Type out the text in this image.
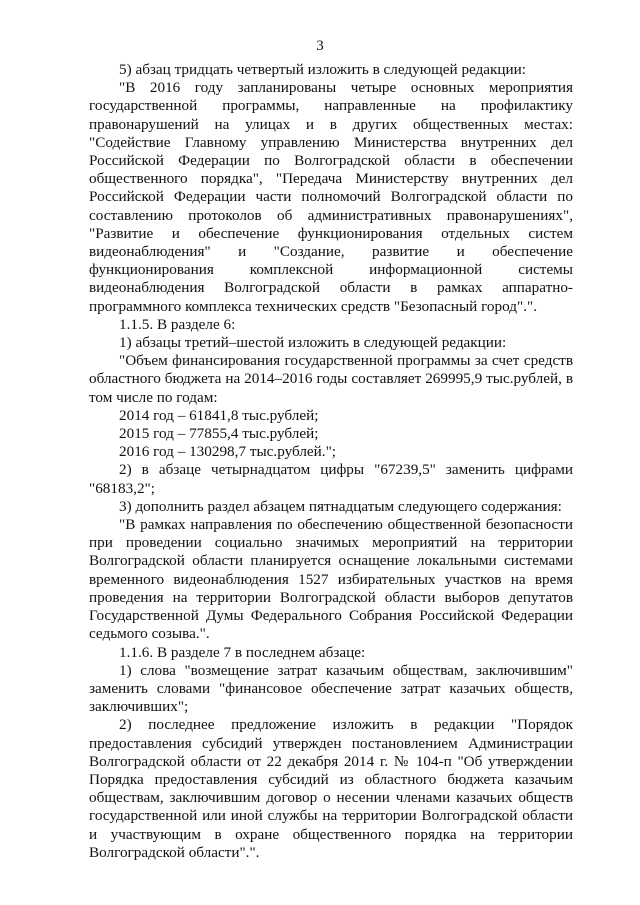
3

5) абзац тридцать четвертый изложить в следующей редакции:

"В 2016 году запланированы четыре основных мероприятия государственной программы, направленные на профилактику правонарушений на улицах и в других общественных местах: "Содействие Главному управлению Министерства внутренних дел Российской Федерации по Волгоградской области в обеспечении общественного порядка", "Передача Министерству внутренних дел Российской Федерации части полномочий Волгоградской области по составлению протоколов об административных правонарушениях", "Развитие и обеспечение функционирования отдельных систем видеонаблюдения" и "Создание, развитие и обеспечение функционирования комплексной информационной системы видеонаблюдения Волгоградской области в рамках аппаратно-программного комплекса технических средств "Безопасный город".".

1.1.5. В разделе 6:

1) абзацы третий–шестой изложить в следующей редакции:

"Объем финансирования государственной программы за счет средств областного бюджета на 2014–2016 годы составляет 269995,9 тыс.рублей, в том числе по годам:

2014 год – 61841,8 тыс.рублей;

2015 год – 77855,4 тыс.рублей;

2016 год – 130298,7 тыс.рублей.";

2) в абзаце четырнадцатом цифры "67239,5" заменить цифрами "68183,2";

3) дополнить раздел абзацем пятнадцатым следующего содержания:

"В рамках направления по обеспечению общественной безопасности при проведении социально значимых мероприятий на территории Волгоградской области планируется оснащение локальными системами временного видеонаблюдения 1527 избирательных участков на время проведения на территории Волгоградской области выборов депутатов Государственной Думы Федерального Собрания Российской Федерации седьмого созыва.".

1.1.6. В разделе 7 в последнем абзаце:

1) слова "возмещение затрат казачьим обществам, заключившим" заменить словами "финансовое обеспечение затрат казачьих обществ, заключивших";

2) последнее предложение изложить в редакции "Порядок предоставления субсидий утвержден постановлением Администрации Волгоградской области от 22 декабря 2014 г. № 104-п "Об утверждении Порядка предоставления субсидий из областного бюджета казачьим обществам, заключившим договор о несении членами казачьих обществ государственной или иной службы на территории Волгоградской области и участвующим в охране общественного порядка на территории Волгоградской области".".
